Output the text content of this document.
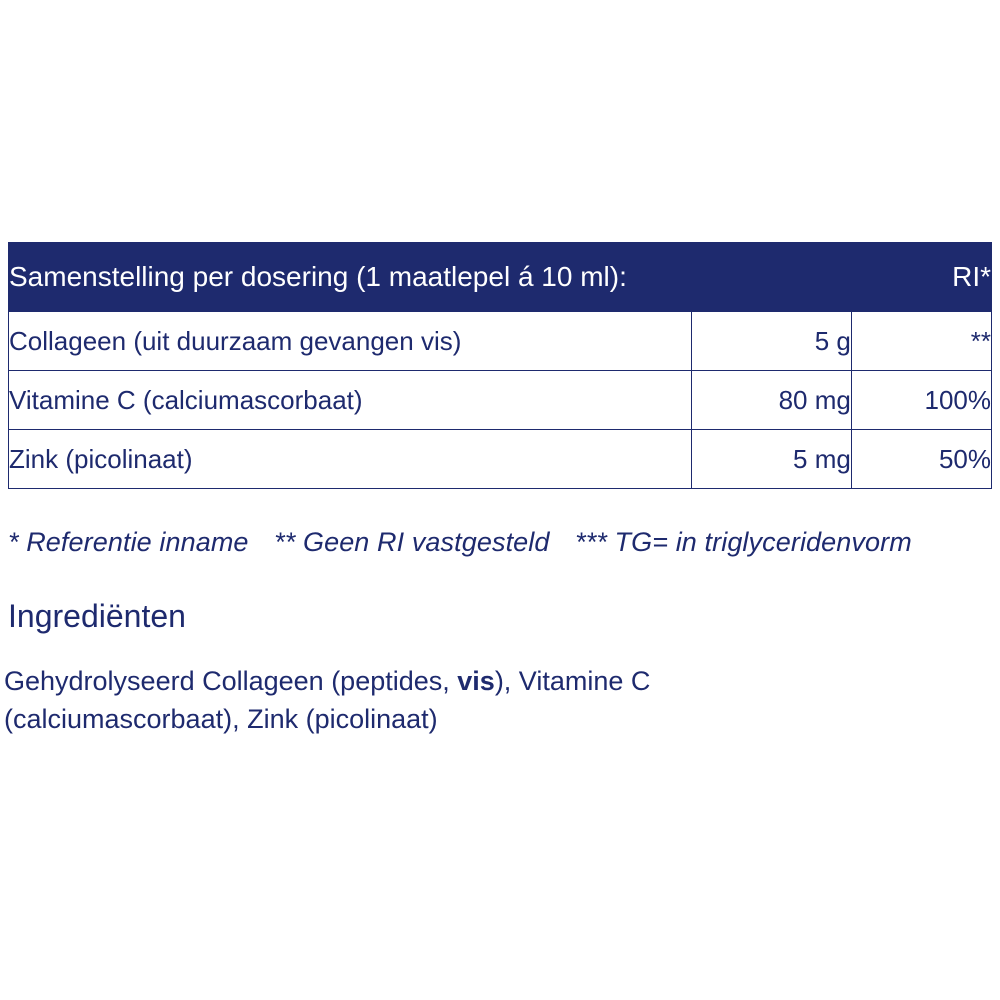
Samenstelling per dosering (1 maatlepel á 10 ml):		RI*
Collageen (uit duurzaam gevangen vis)	5 g	**
Vitamine C (calciumascorbaat)	80 mg	100%
Zink (picolinaat)	5 mg	50%
* Referentie inname ** Geen RI vastgesteld *** TG= in triglyceridenvorm
Ingrediënten
Gehydrolyseerd Collageen (peptides, vis), Vitamine C (calciumascorbaat), Zink (picolinaat)
